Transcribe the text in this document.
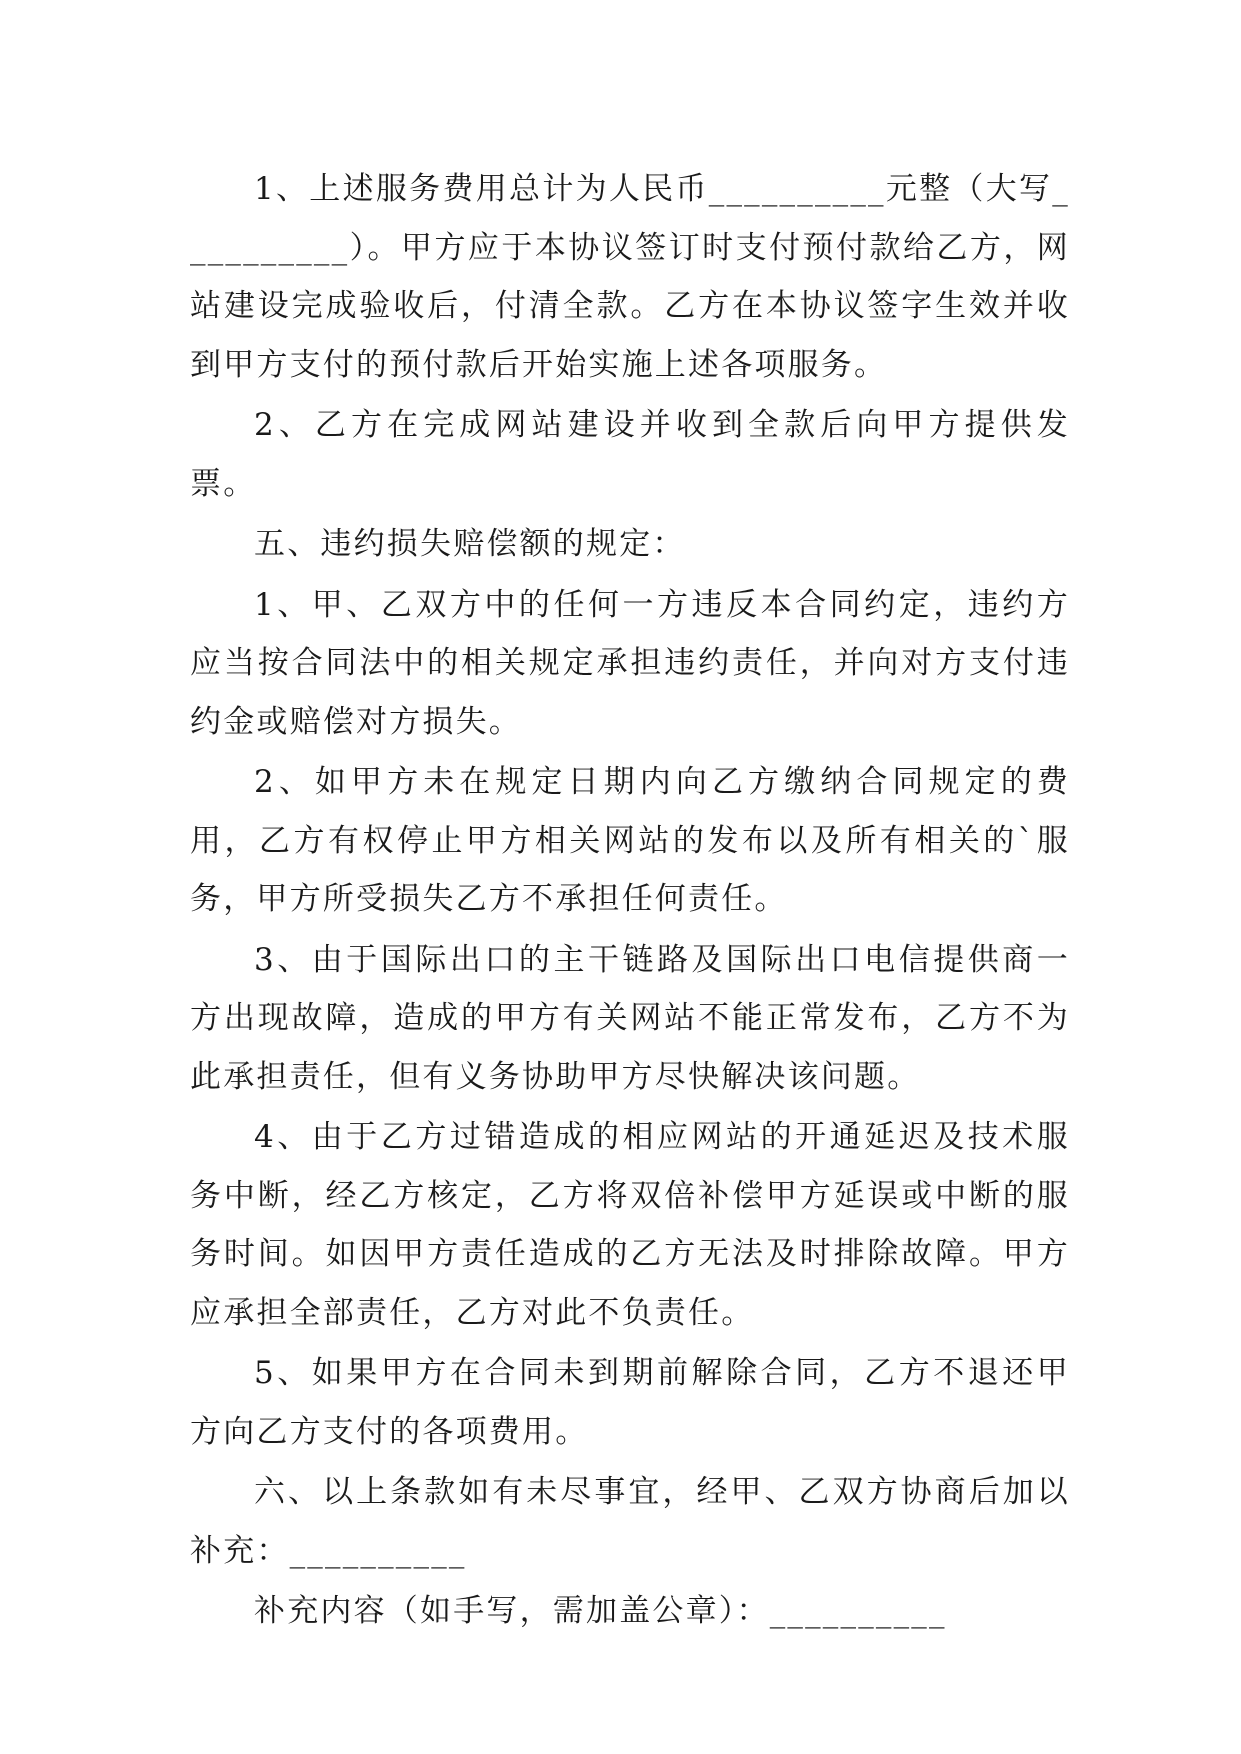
1、上述服务费用总计为人民币__________元整（大写__________）。甲方应于本协议签订时支付预付款给乙方，网站建设完成验收后，付清全款。乙方在本协议签字生效并收到甲方支付的预付款后开始实施上述各项服务。

2、乙方在完成网站建设并收到全款后向甲方提供发票。

五、违约损失赔偿额的规定：

1、甲、乙双方中的任何一方违反本合同约定，违约方应当按合同法中的相关规定承担违约责任，并向对方支付违约金或赔偿对方损失。

2、如甲方未在规定日期内向乙方缴纳合同规定的费用，乙方有权停止甲方相关网站的发布以及所有相关的`服务，甲方所受损失乙方不承担任何责任。

3、由于国际出口的主干链路及国际出口电信提供商一方出现故障，造成的甲方有关网站不能正常发布，乙方不为此承担责任，但有义务协助甲方尽快解决该问题。

4、由于乙方过错造成的相应网站的开通延迟及技术服务中断，经乙方核定，乙方将双倍补偿甲方延误或中断的服务时间。如因甲方责任造成的乙方无法及时排除故障。甲方应承担全部责任，乙方对此不负责任。

5、如果甲方在合同未到期前解除合同，乙方不退还甲方向乙方支付的各项费用。

六、以上条款如有未尽事宜，经甲、乙双方协商后加以补充：__________

补充内容（如手写，需加盖公章）：__________
